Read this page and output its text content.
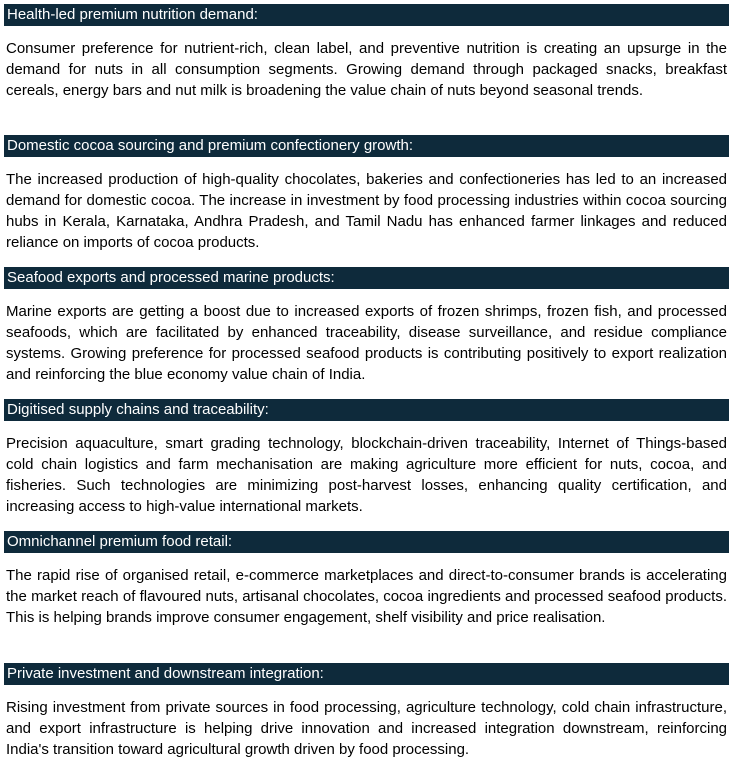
Health-led premium nutrition demand:

Consumer preference for nutrient-rich, clean label, and preventive nutrition is creating an upsurge in the demand for nuts in all consumption segments. Growing demand through packaged snacks, breakfast cereals, energy bars and nut milk is broadening the value chain of nuts beyond seasonal trends.

Domestic cocoa sourcing and premium confectionery growth:

The increased production of high-quality chocolates, bakeries and confectioneries has led to an increased demand for domestic cocoa. The increase in investment by food processing industries within cocoa sourcing hubs in Kerala, Karnataka, Andhra Pradesh, and Tamil Nadu has enhanced farmer linkages and reduced reliance on imports of cocoa products.

Seafood exports and processed marine products:

Marine exports are getting a boost due to increased exports of frozen shrimps, frozen fish, and processed seafoods, which are facilitated by enhanced traceability, disease surveillance, and residue compliance systems. Growing preference for processed seafood products is contributing positively to export realization and reinforcing the blue economy value chain of India.

Digitised supply chains and traceability:

Precision aquaculture, smart grading technology, blockchain-driven traceability, Internet of Things-based cold chain logistics and farm mechanisation are making agriculture more efficient for nuts, cocoa, and fisheries. Such technologies are minimizing post-harvest losses, enhancing quality certification, and increasing access to high-value international markets.

Omnichannel premium food retail:

The rapid rise of organised retail, e-commerce marketplaces and direct-to-consumer brands is accelerating the market reach of flavoured nuts, artisanal chocolates, cocoa ingredients and processed seafood products. This is helping brands improve consumer engagement, shelf visibility and price realisation.

Private investment and downstream integration:

Rising investment from private sources in food processing, agriculture technology, cold chain infrastructure, and export infrastructure is helping drive innovation and increased integration downstream, reinforcing India's transition toward agricultural growth driven by food processing.
